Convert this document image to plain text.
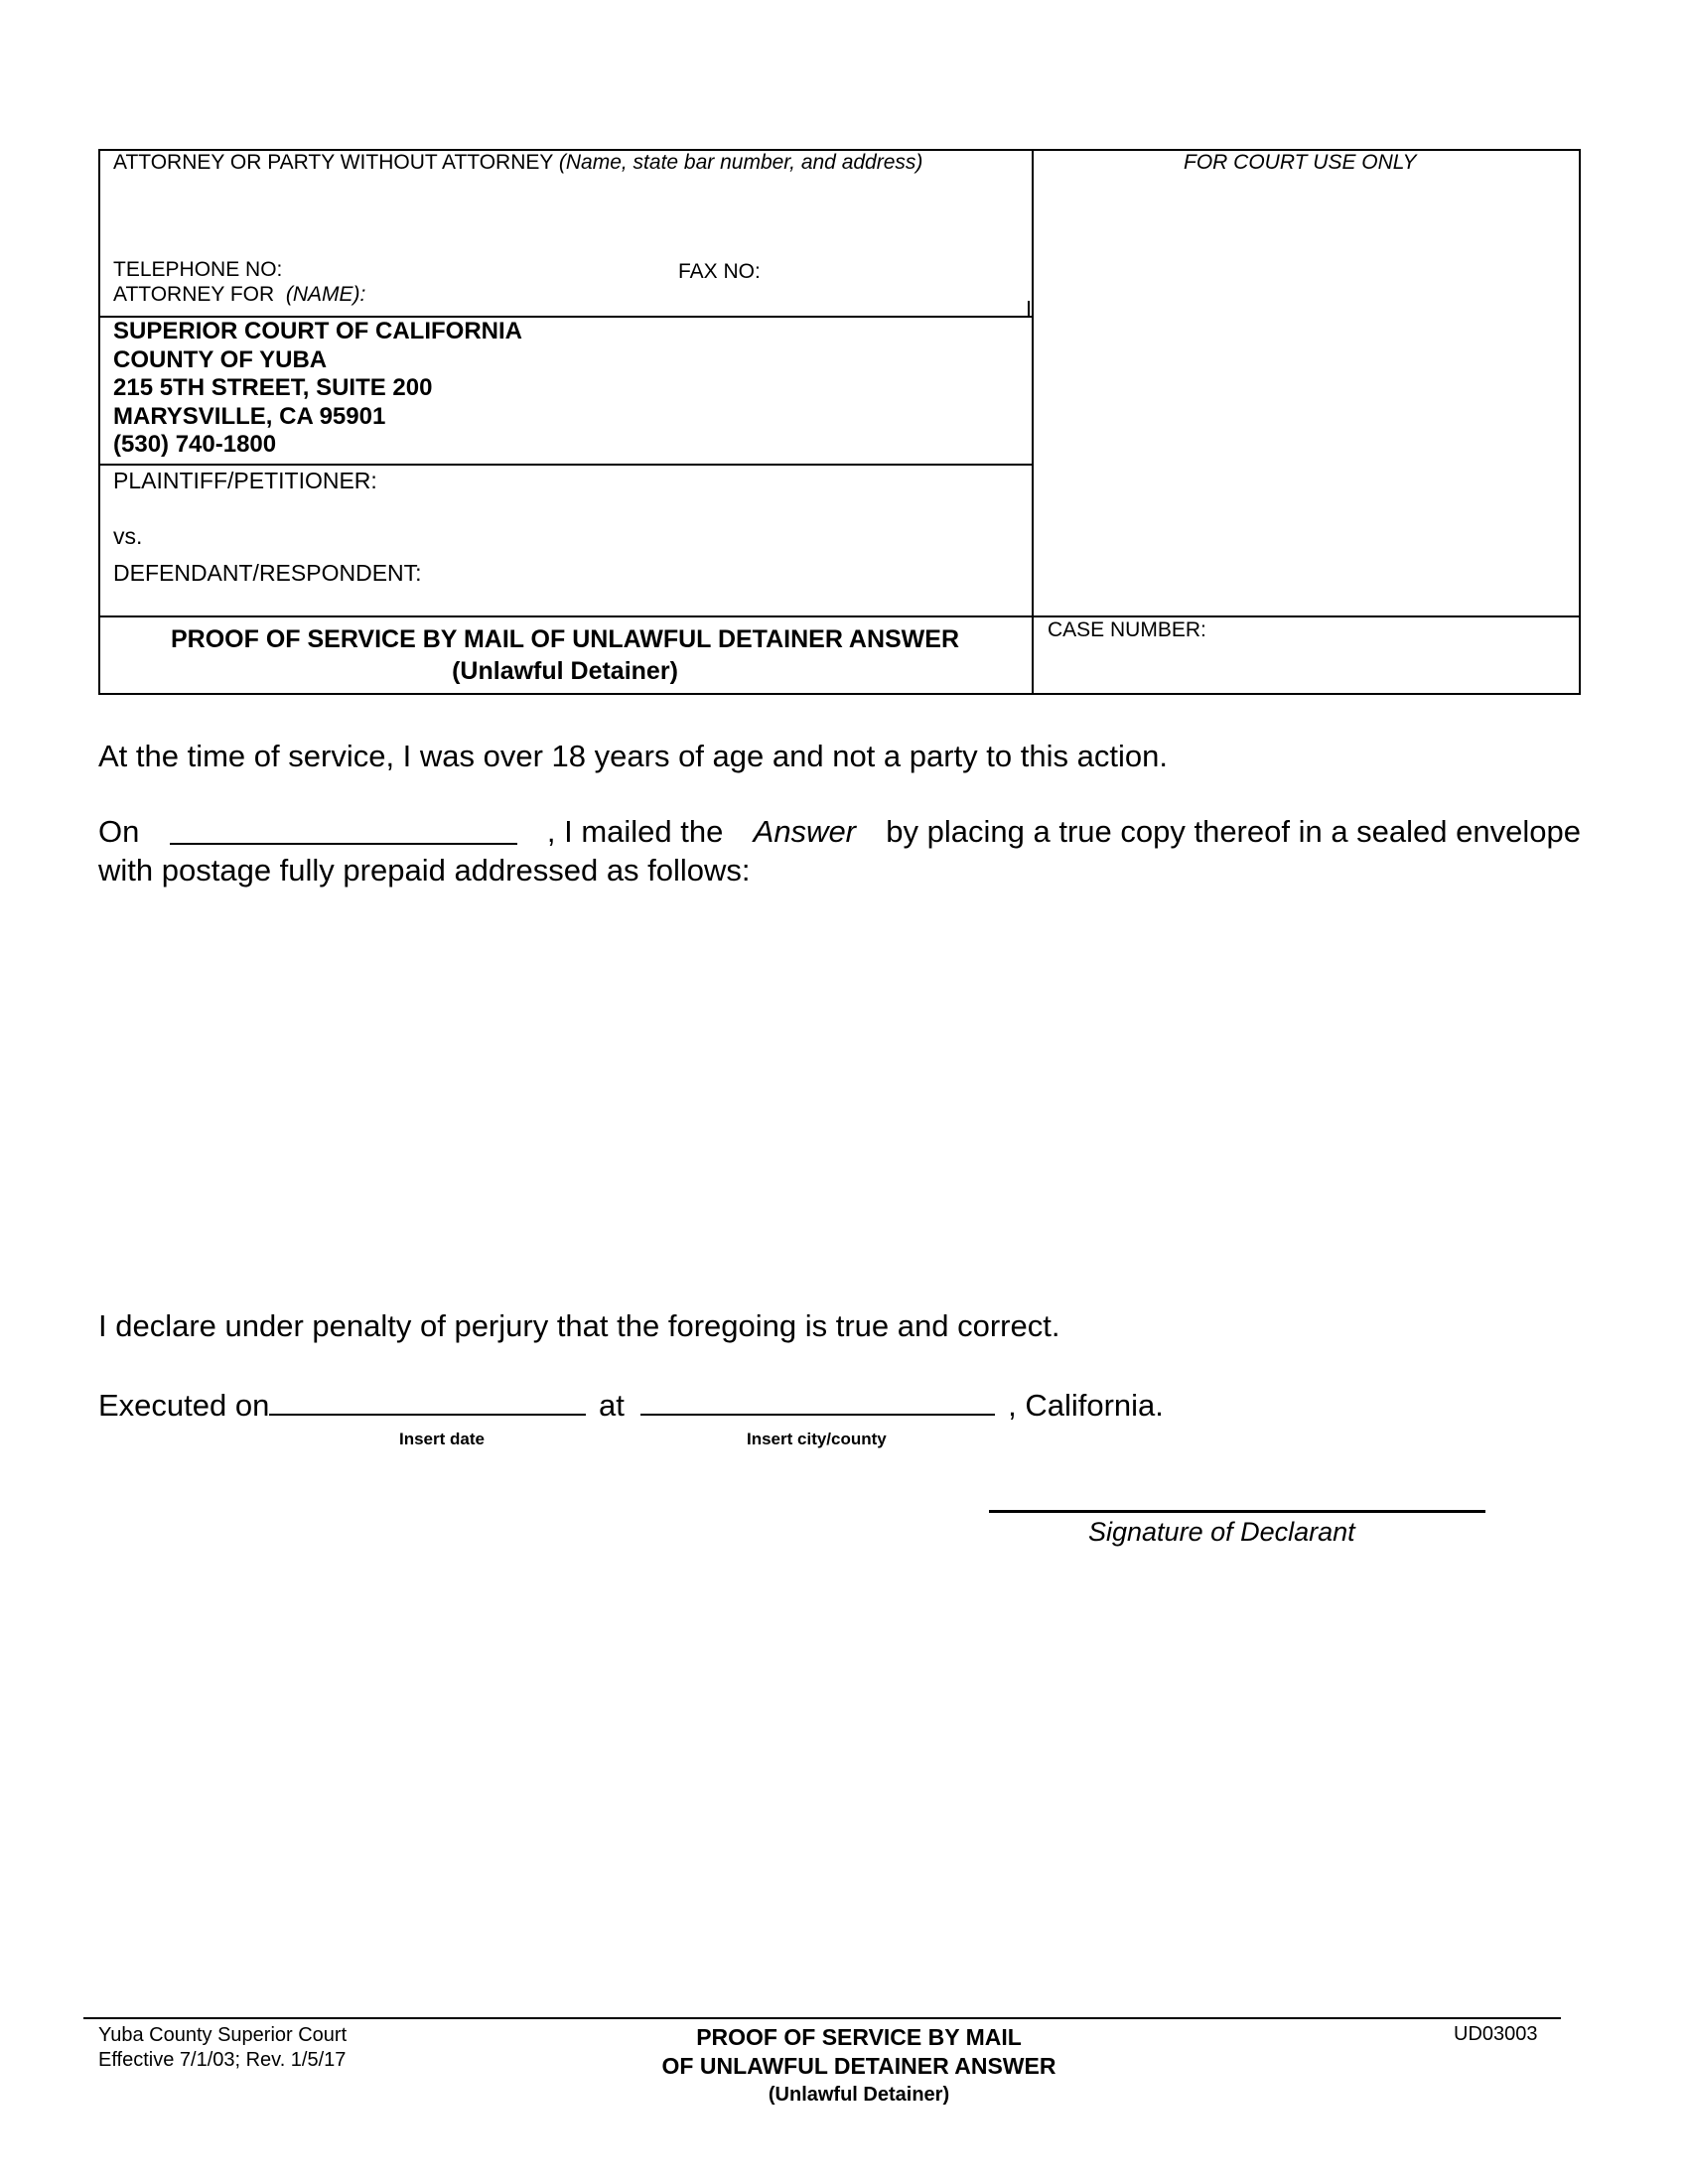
ATTORNEY OR PARTY WITHOUT ATTORNEY (Name, state bar number, and address)	FOR COURT USE ONLY
TELEPHONE NO:	FAX NO:
ATTORNEY FOR (NAME):
SUPERIOR COURT OF CALIFORNIA
COUNTY OF YUBA
215 5TH STREET, SUITE 200
MARYSVILLE, CA 95901
(530) 740-1800
PLAINTIFF/PETITIONER:
vs.
DEFENDANT/RESPONDENT:
PROOF OF SERVICE BY MAIL OF UNLAWFUL DETAINER ANSWER
(Unlawful Detainer)
CASE NUMBER:
At the time of service, I was over 18 years of age and not a party to this action.
On	, I mailed the Answer by placing a true copy thereof in a sealed envelope
with postage fully prepaid addressed as follows:
I declare under penalty of perjury that the foregoing is true and correct.
Executed on	at	, California.
Insert date	Insert city/county
Signature of Declarant
Yuba County Superior Court
Effective 7/1/03; Rev. 1/5/17
PROOF OF SERVICE BY MAIL
OF UNLAWFUL DETAINER ANSWER
(Unlawful Detainer)
UD03003
